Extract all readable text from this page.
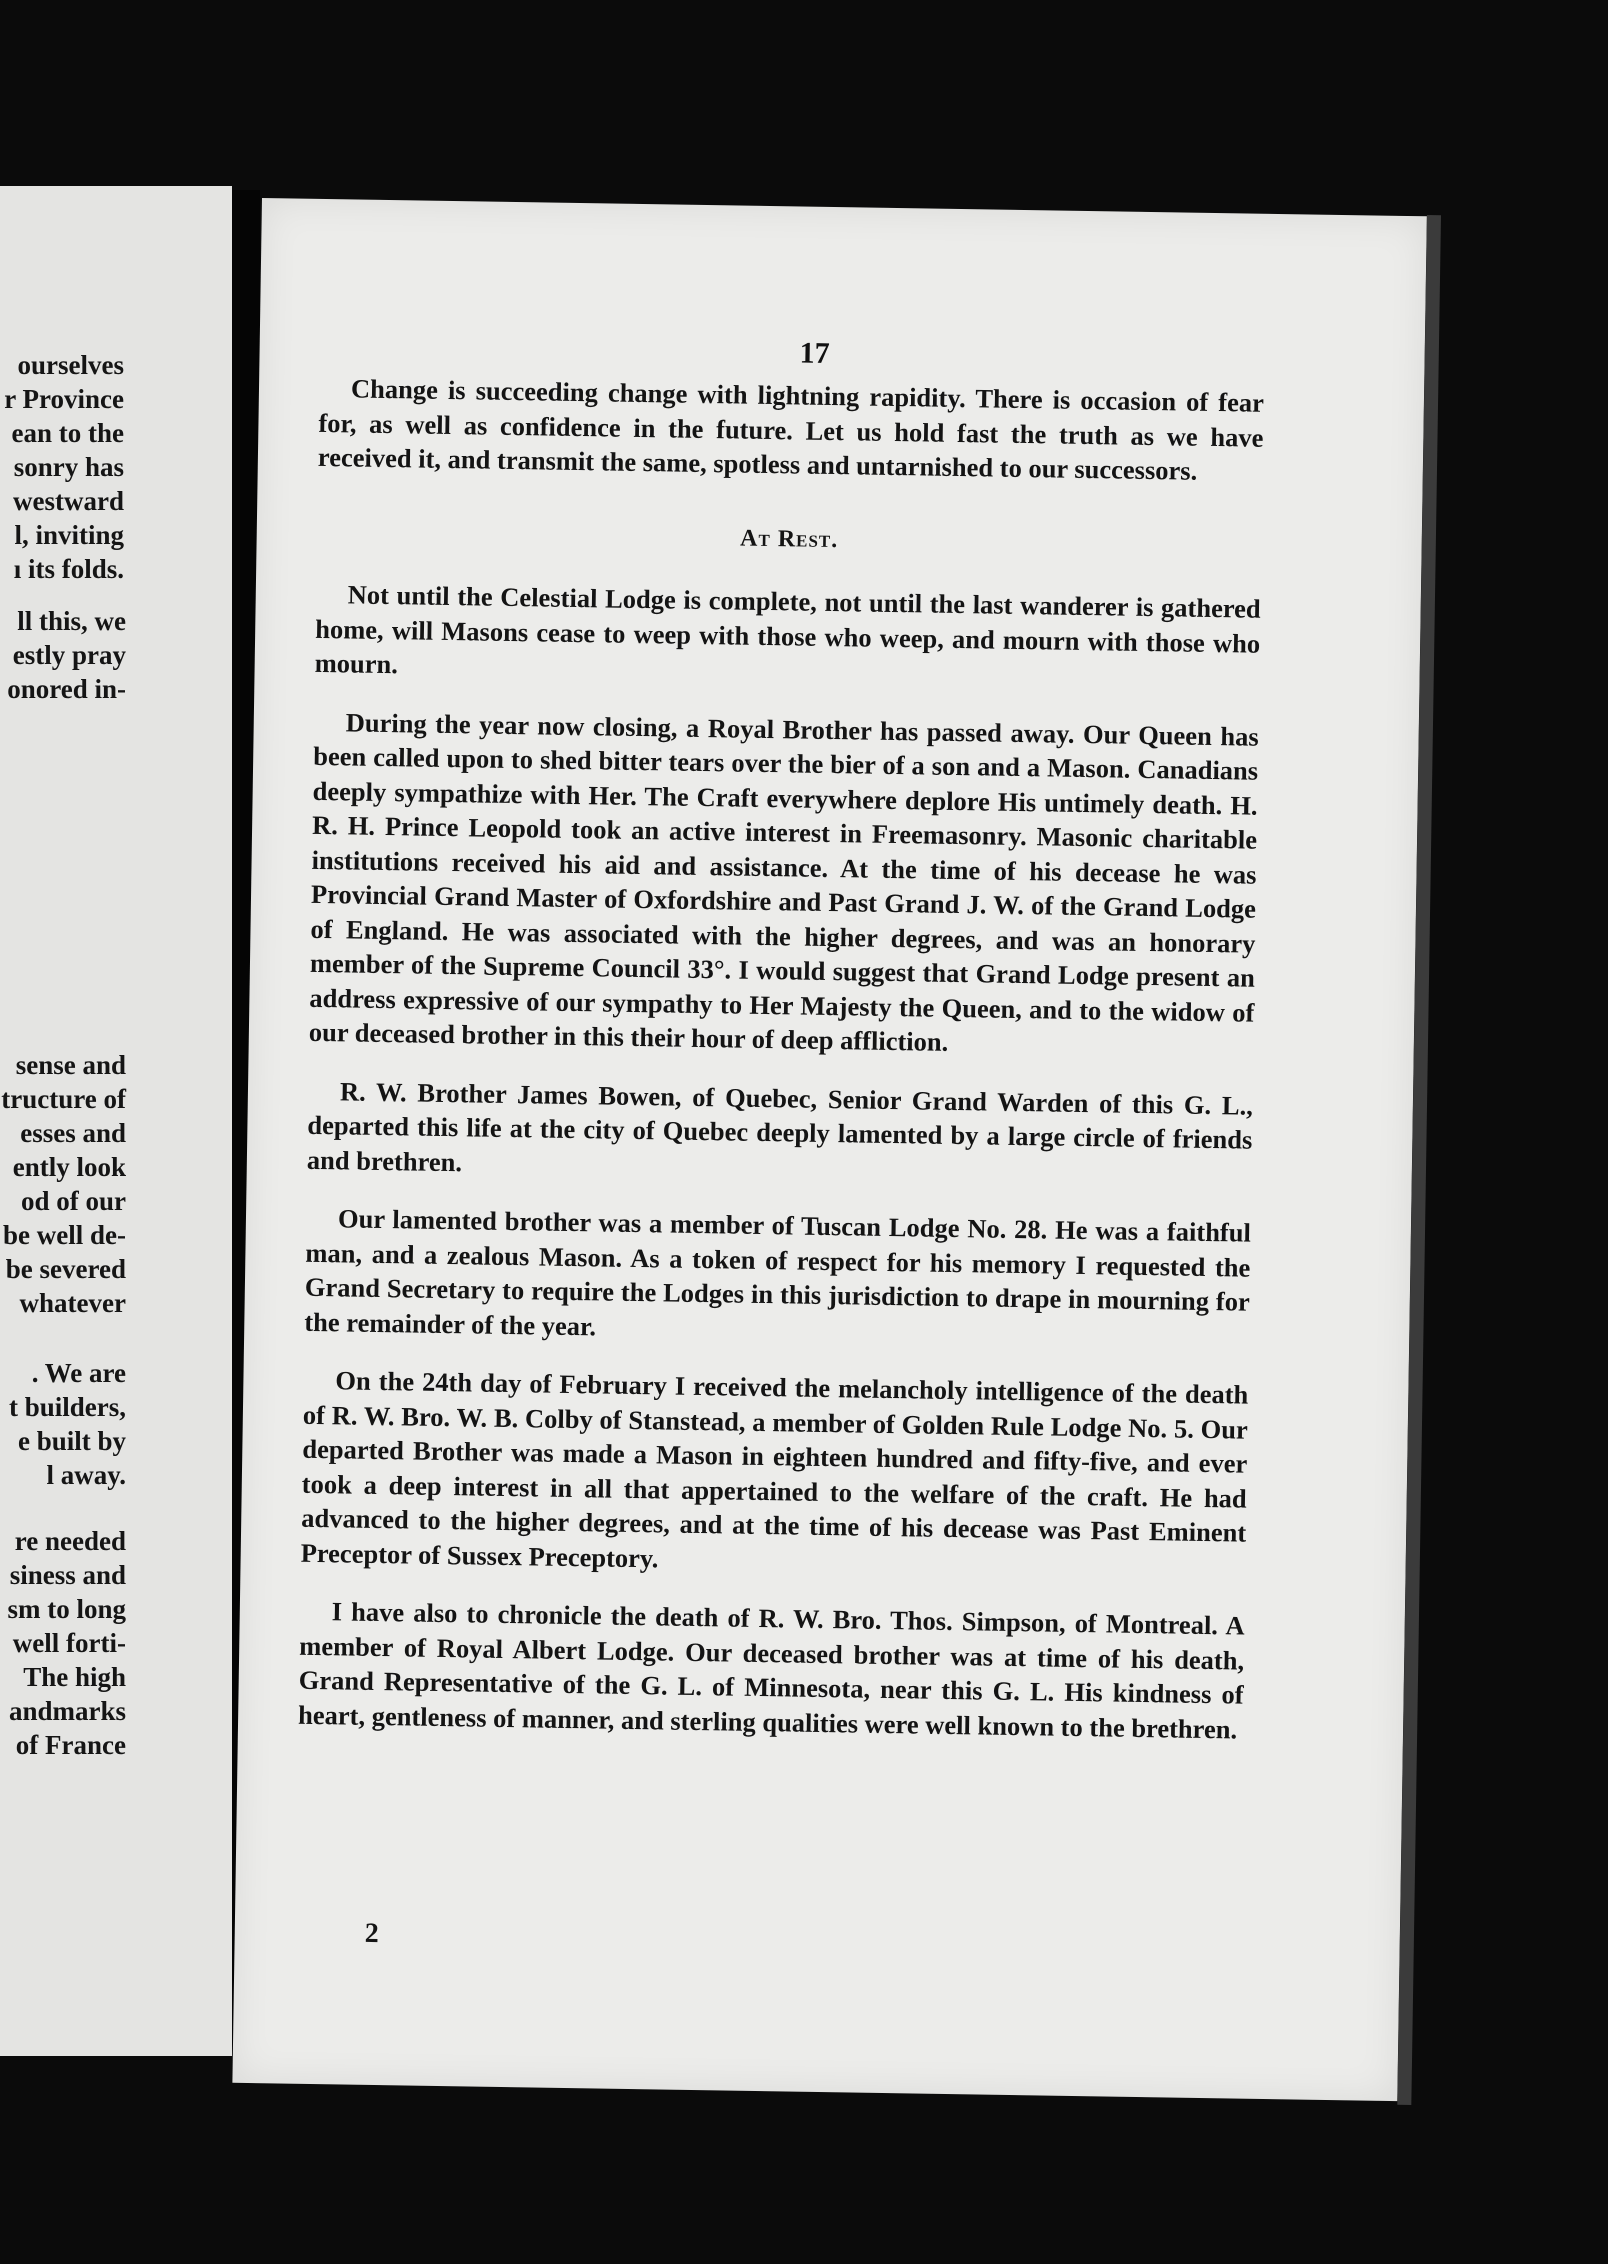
ourselves
r Province
ean to the
sonry has
westward
l, inviting
ı its folds.
ll this, we
estly pray
onored in-
sense and
tructure of
esses and
ently look
od of our
be well de-
be severed
whatever
. We are
t builders,
e built by
l away.
re needed
siness and
sm to long
well forti-
The high
andmarks
of France
17

Change is succeeding change with lightning rapidity. There is occasion of fear for, as well as confidence in the future. Let us hold fast the truth as we have received it, and transmit the same, spotless and untarnished to our successors.

At Rest.

Not until the Celestial Lodge is complete, not until the last wanderer is gathered home, will Masons cease to weep with those who weep, and mourn with those who mourn.

During the year now closing, a Royal Brother has passed away. Our Queen has been called upon to shed bitter tears over the bier of a son and a Mason. Canadians deeply sympathize with Her. The Craft everywhere deplore His untimely death. H. R. H. Prince Leopold took an active interest in Freemasonry. Masonic charitable institutions received his aid and assistance. At the time of his decease he was Provincial Grand Master of Oxfordshire and Past Grand J. W. of the Grand Lodge of England. He was associated with the higher degrees, and was an honorary member of the Supreme Council 33°. I would suggest that Grand Lodge present an address expressive of our sympathy to Her Majesty the Queen, and to the widow of our deceased brother in this their hour of deep affliction.

R. W. Brother James Bowen, of Quebec, Senior Grand Warden of this G. L., departed this life at the city of Quebec deeply lamented by a large circle of friends and brethren.

Our lamented brother was a member of Tuscan Lodge No. 28. He was a faithful man, and a zealous Mason. As a token of respect for his memory I requested the Grand Secretary to require the Lodges in this jurisdiction to drape in mourning for the remainder of the year.

On the 24th day of February I received the melancholy intelligence of the death of R. W. Bro. W. B. Colby of Stanstead, a member of Golden Rule Lodge No. 5. Our departed Brother was made a Mason in eighteen hundred and fifty-five, and ever took a deep interest in all that appertained to the welfare of the craft. He had advanced to the higher degrees, and at the time of his decease was Past Eminent Preceptor of Sussex Preceptory.

I have also to chronicle the death of R. W. Bro. Thos. Simpson, of Montreal. A member of Royal Albert Lodge. Our deceased brother was at time of his death, Grand Representative of the G. L. of Minnesota, near this G. L. His kindness of heart, gentleness of manner, and sterling qualities were well known to the brethren.

2
